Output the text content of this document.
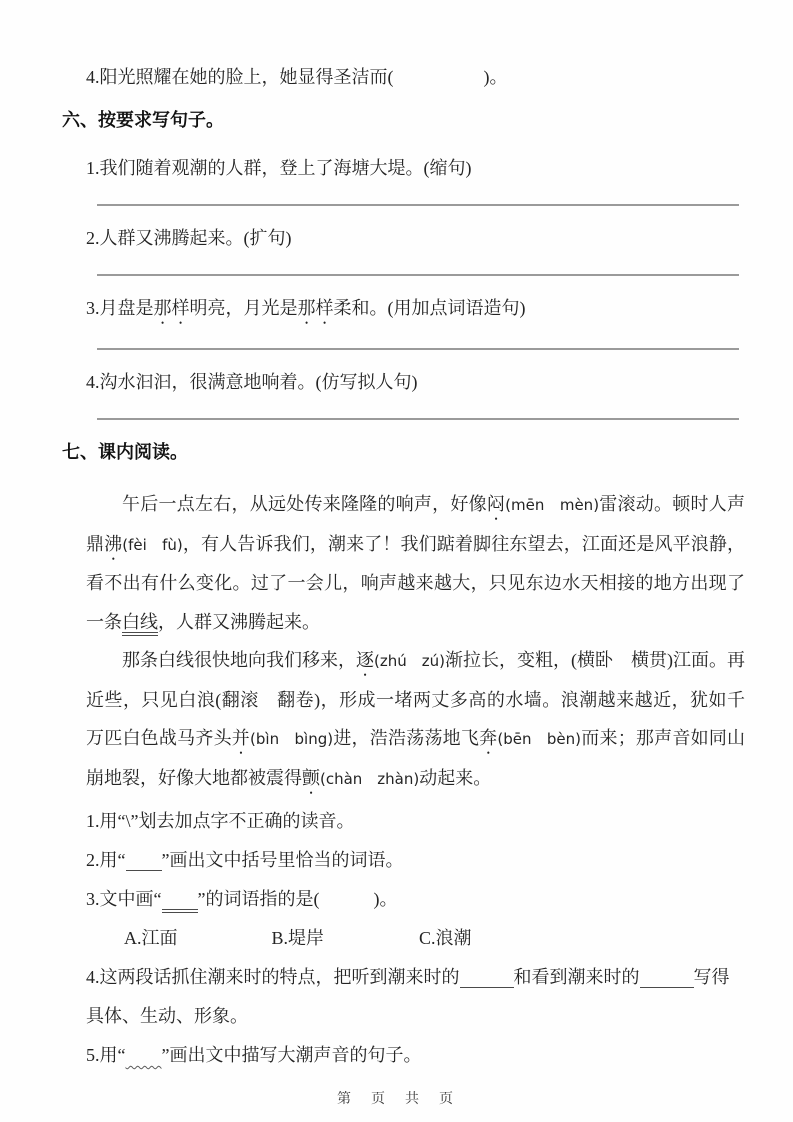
4.阳光照耀在她的脸上，她显得圣洁而(　　　　　)。
六、按要求写句子。
1.我们随着观潮的人群，登上了海塘大堤。(缩句)
2.人群又沸腾起来。(扩句)
3.月盘是那样明亮，月光是那样柔和。(用加点词语造句)
4.沟水汩汩，很满意地响着。(仿写拟人句)
七、课内阅读。

午后一点左右，从远处传来隆隆的响声，好像闷(mēn　mèn)雷滚动。顿时人声鼎沸(fèi　fù)，有人告诉我们，潮来了！我们踮着脚往东望去，江面还是风平浪静，看不出有什么变化。过了一会儿，响声越来越大，只见东边水天相接的地方出现了一条白线，人群又沸腾起来。

那条白线很快地向我们移来，逐(zhú　zú)渐拉长，变粗，(横卧　横贯)江面。再近些，只见白浪(翻滚　翻卷)，形成一堵两丈多高的水墙。浪潮越来越近，犹如千万匹白色战马齐头并(bìn　bìng)进，浩浩荡荡地飞奔(bēn　bèn)而来；那声音如同山崩地裂，好像大地都被震得颤(chàn　zhàn)动起来。

1.用“\”划去加点字不正确的读音。
2.用“　　 ”画出文中括号里恰当的词语。
3.文中画“　　 ”的词语指的是(　　　)。
A.江面	B.堤岸	C.浪潮
4.这两段话抓住潮来时的特点，把听到潮来时的　　　	和看到潮来时的　　　	写得具体、生动、形象。
5.用“　　 ”画出文中描写大潮声音的句子。
第　页　共　页
